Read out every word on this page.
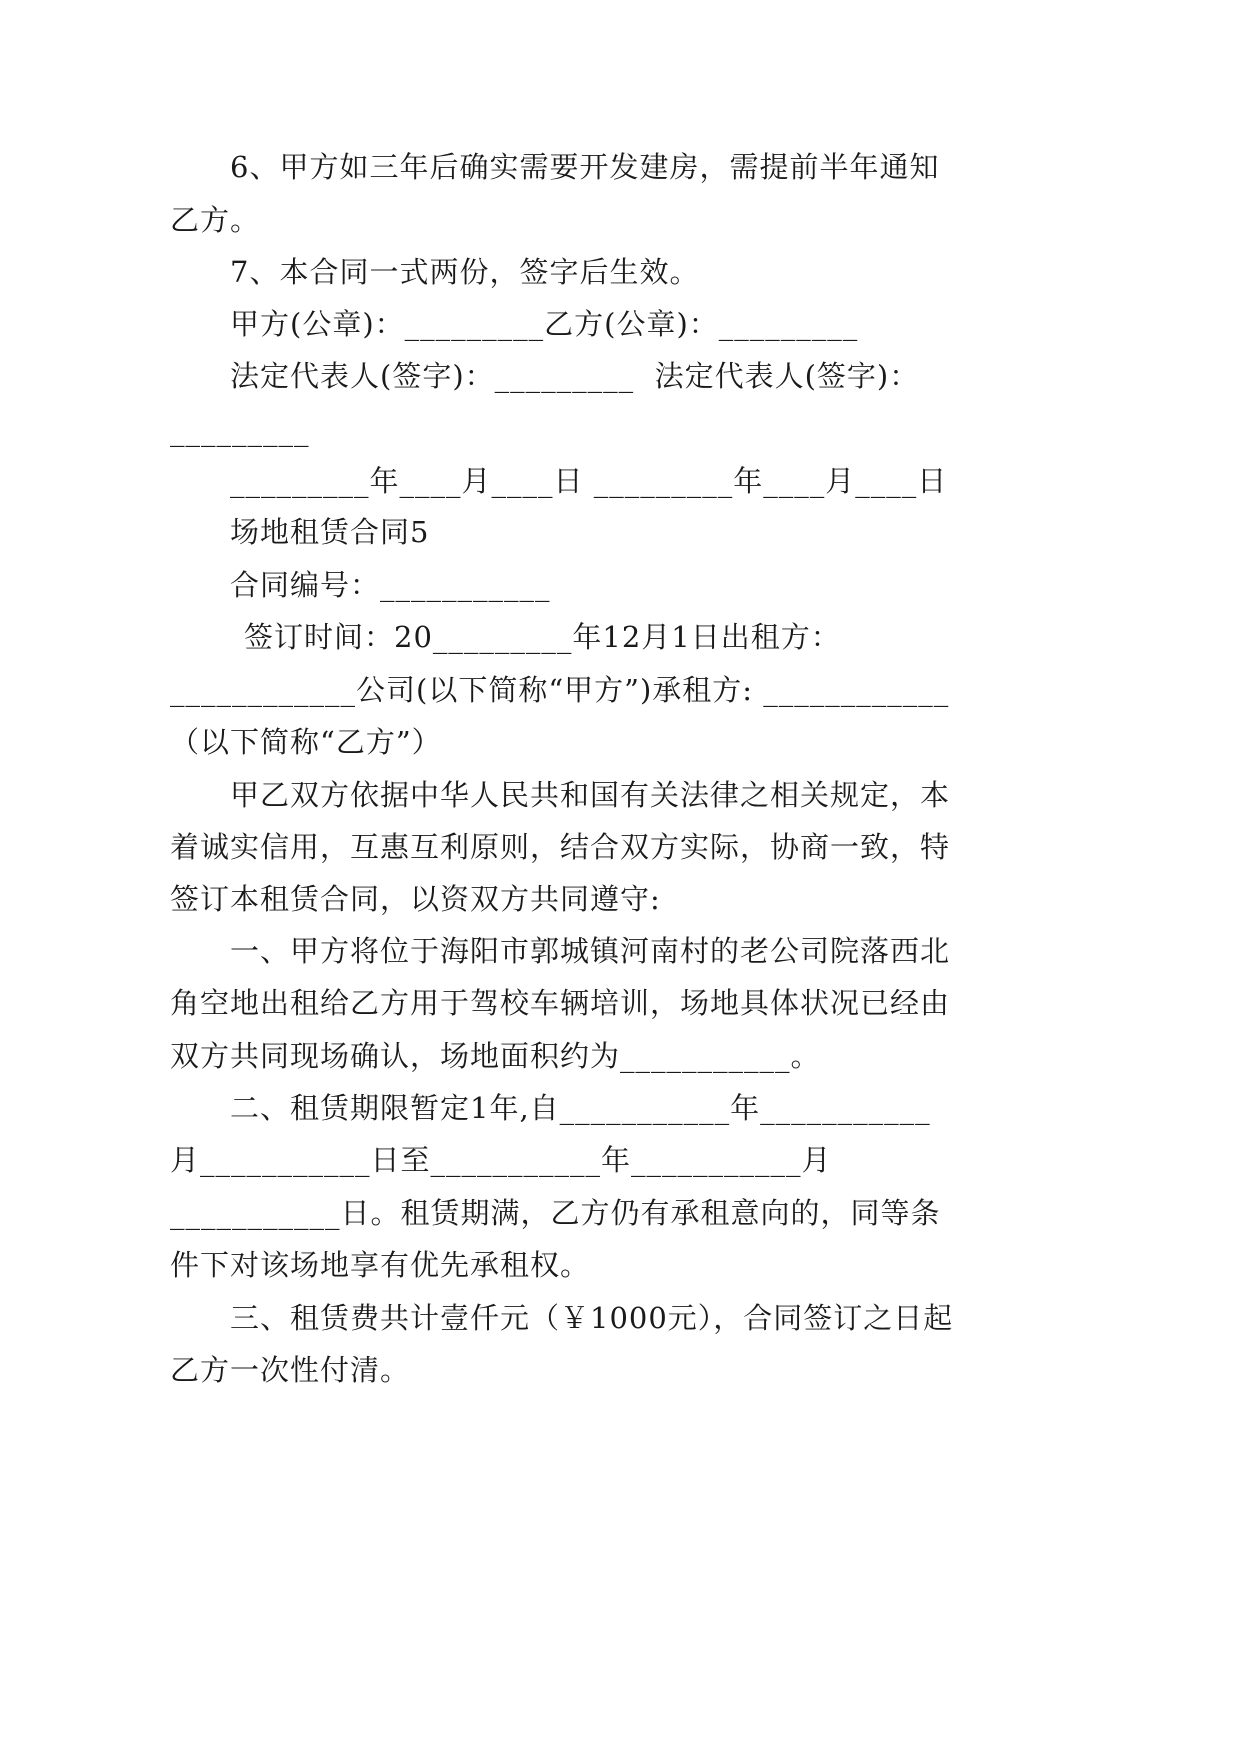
6、甲方如三年后确实需要开发建房，需提前半年通知
乙方。
7、本合同一式两份，签字后生效。
甲方(公章)：_________乙方(公章)：_________
法定代表人(签字)：_________  法定代表人(签字)：
_________
_________年____月____日 _________年____月____日
场地租赁合同5
合同编号：___________
签订时间：20_________年12月1日出租方：
____________公司(以下简称“甲方”)承租方: ____________
（以下简称“乙方”）
甲乙双方依据中华人民共和国有关法律之相关规定，本
着诚实信用，互惠互利原则，结合双方实际，协商一致，特
签订本租赁合同，以资双方共同遵守:
一、甲方将位于海阳市郭城镇河南村的老公司院落西北
角空地出租给乙方用于驾校车辆培训，场地具体状况已经由
双方共同现场确认，场地面积约为___________。
二、租赁期限暂定1年,自___________年___________
月___________日至___________年___________月
___________日。租赁期满，乙方仍有承租意向的，同等条
件下对该场地享有优先承租权。
三、租赁费共计壹仟元（￥1000元），合同签订之日起
乙方一次性付清。
